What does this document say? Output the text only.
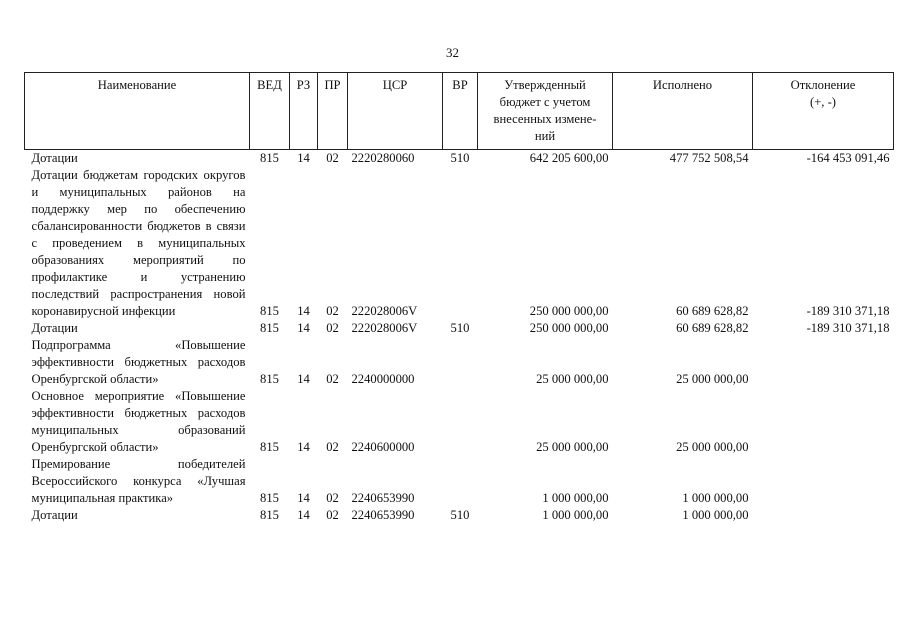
32
Наименование	ВЕД	РЗ	ПР	ЦСР	ВР	Утвержденный бюджет с учетом внесенных измене-ний	Исполнено	Отклонение
(+, -)

Дотации	815	14	02	2220280060	510	642 205 600,00	477 752 508,54	-164 453 091,46
Дотации бюджетам городских округов и муниципальных районов на поддержку мер по обеспечению сбалансированности бюджетов в связи с проведением в муниципальных образованиях мероприятий по профилактике и устранению последствий распространения новой коронавирусной инфекции	815	14	02	222028006V		250 000 000,00	60 689 628,82	-189 310 371,18
Дотации	815	14	02	222028006V	510	250 000 000,00	60 689 628,82	-189 310 371,18
Подпрограмма «Повышение эффективности бюджетных расходов Оренбургской области»	815	14	02	2240000000		25 000 000,00	25 000 000,00	
Основное мероприятие «Повышение эффективности бюджетных расходов муниципальных образований Оренбургской области»	815	14	02	2240600000		25 000 000,00	25 000 000,00	
Премирование победителей Всероссийского конкурса «Лучшая муниципальная практика»	815	14	02	2240653990		1 000 000,00	1 000 000,00	
Дотации	815	14	02	2240653990	510	1 000 000,00	1 000 000,00	
